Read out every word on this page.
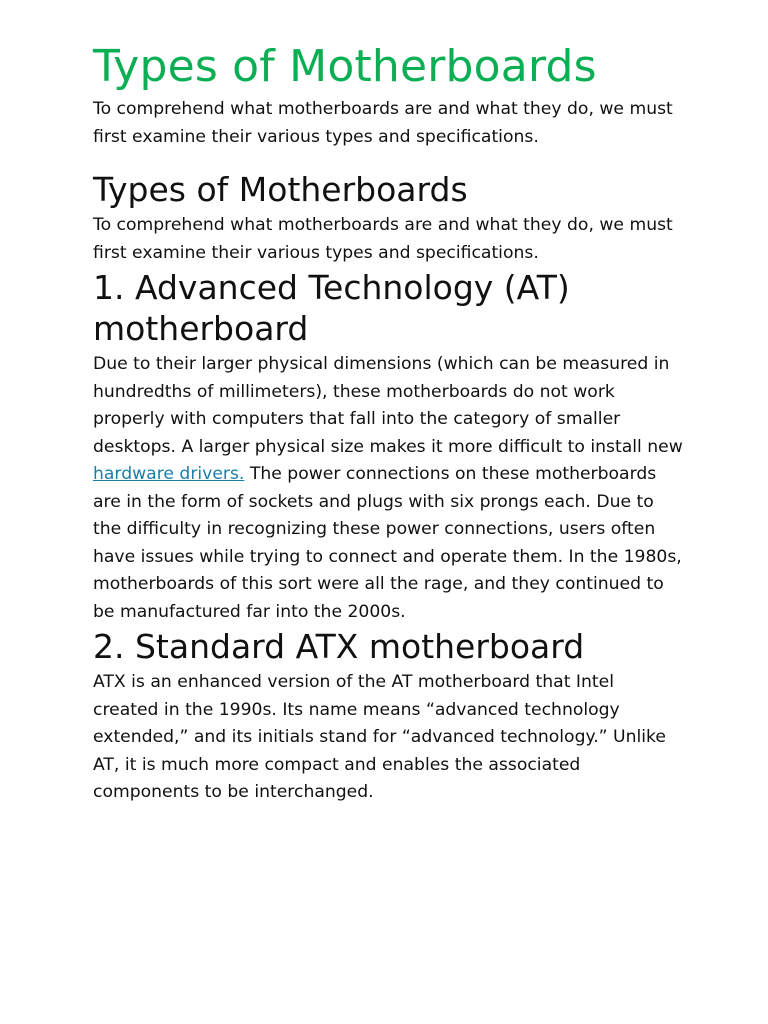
Types of Motherboards

To comprehend what motherboards are and what they do, we must first examine their various types and specifications.

Types of Motherboards

To comprehend what motherboards are and what they do, we must first examine their various types and specifications.

1. Advanced Technology (AT) motherboard

Due to their larger physical dimensions (which can be measured in hundredths of millimeters), these motherboards do not work properly with computers that fall into the category of smaller desktops. A larger physical size makes it more difficult to install new hardware drivers. The power connections on these motherboards are in the form of sockets and plugs with six prongs each. Due to the difficulty in recognizing these power connections, users often have issues while trying to connect and operate them. In the 1980s, motherboards of this sort were all the rage, and they continued to be manufactured far into the 2000s.

2. Standard ATX motherboard

ATX is an enhanced version of the AT motherboard that Intel created in the 1990s. Its name means “advanced technology extended,” and its initials stand for “advanced technology.” Unlike AT, it is much more compact and enables the associated components to be interchanged.
